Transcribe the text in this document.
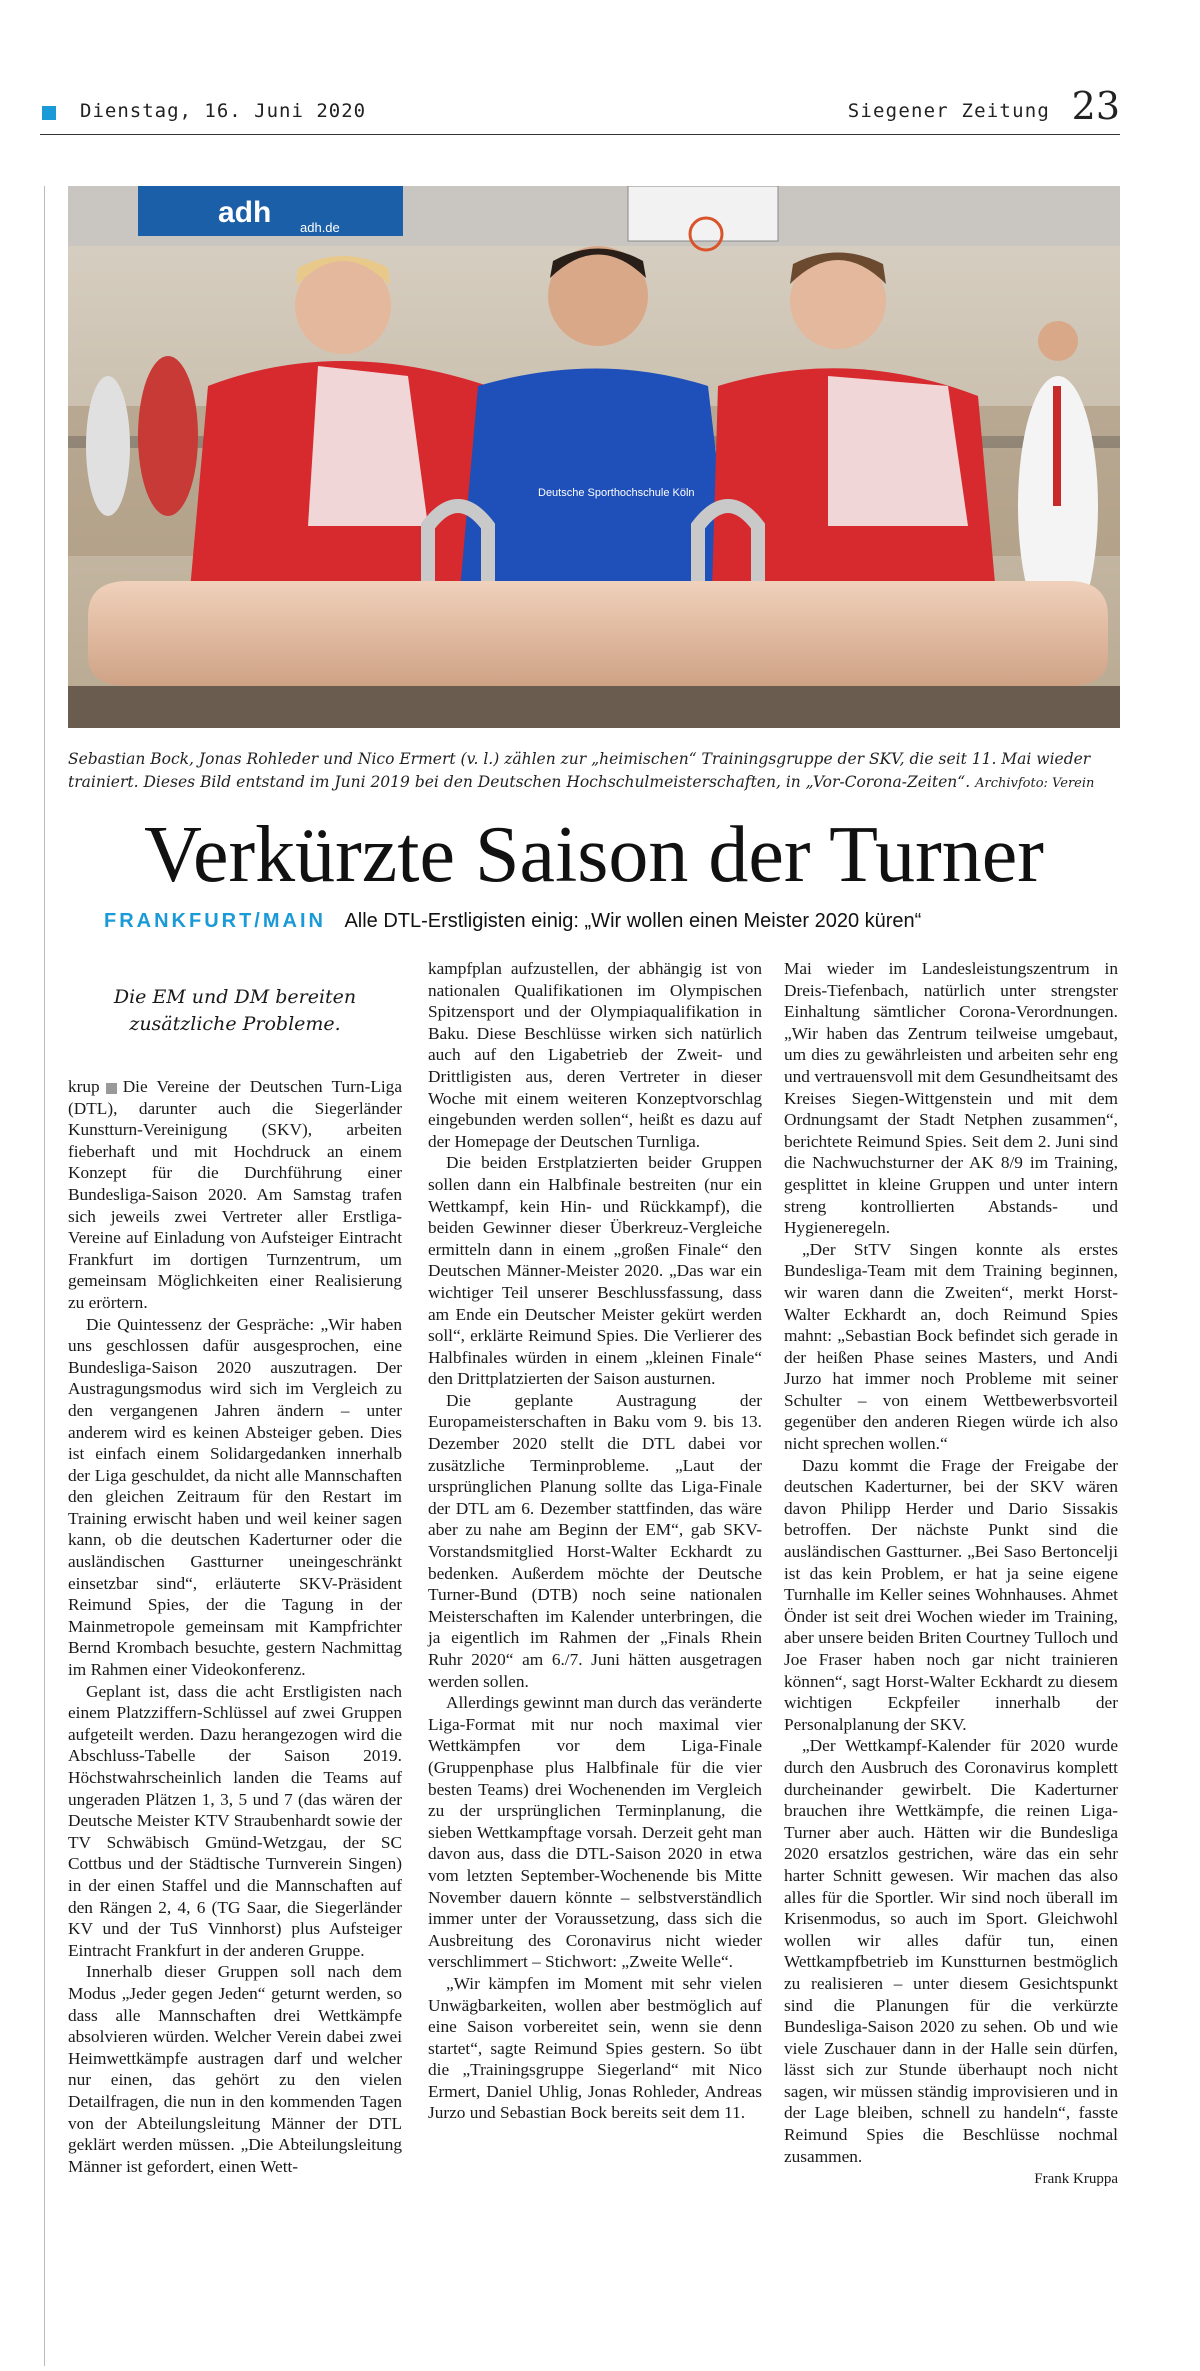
Dienstag, 16. Juni 2020	Siegener Zeitung 23
adh adh.de
Deutsche Sporthochschule Köln
Sebastian Bock, Jonas Rohleder und Nico Ermert (v. l.) zählen zur „heimischen“ Trainingsgruppe der SKV, die seit 11. Mai wieder trainiert. Dieses Bild entstand im Juni 2019 bei den Deutschen Hochschulmeisterschaften, in „Vor-Corona-Zeiten“. Archivfoto: Verein
Verkürzte Saison der Turner
FRANKFURT/MAIN Alle DTL-Erstligisten einig: „Wir wollen einen Meister 2020 küren“
Die EM und DM bereiten
zusätzliche Probleme.

krup Die Vereine der Deutschen Turn-Liga (DTL), darunter auch die Siegerländer Kunstturn-Vereinigung (SKV), arbeiten fieberhaft und mit Hochdruck an einem Konzept für die Durchführung einer Bundesliga-Saison 2020. Am Samstag trafen sich jeweils zwei Vertreter aller Erstliga-Vereine auf Einladung von Aufsteiger Eintracht Frankfurt im dortigen Turnzentrum, um gemeinsam Möglichkeiten einer Realisierung zu erörtern.

Die Quintessenz der Gespräche: „Wir haben uns geschlossen dafür ausgesprochen, eine Bundesliga-Saison 2020 auszutragen. Der Austragungsmodus wird sich im Vergleich zu den vergangenen Jahren ändern – unter anderem wird es keinen Absteiger geben. Dies ist einfach einem Solidargedanken innerhalb der Liga geschuldet, da nicht alle Mannschaften den gleichen Zeitraum für den Restart im Training erwischt haben und weil keiner sagen kann, ob die deutschen Kaderturner oder die ausländischen Gastturner uneingeschränkt einsetzbar sind“, erläuterte SKV-Präsident Reimund Spies, der die Tagung in der Mainmetropole gemeinsam mit Kampfrichter Bernd Krombach besuchte, gestern Nachmittag im Rahmen einer Videokonferenz.

Geplant ist, dass die acht Erstligisten nach einem Platzziffern-Schlüssel auf zwei Gruppen aufgeteilt werden. Dazu herangezogen wird die Abschluss-Tabelle der Saison 2019. Höchstwahrscheinlich landen die Teams auf ungeraden Plätzen 1, 3, 5 und 7 (das wären der Deutsche Meister KTV Straubenhardt sowie der TV Schwäbisch Gmünd-Wetzgau, der SC Cottbus und der Städtische Turnverein Singen) in der einen Staffel und die Mannschaften auf den Rängen 2, 4, 6 (TG Saar, die Siegerländer KV und der TuS Vinnhorst) plus Aufsteiger Eintracht Frankfurt in der anderen Gruppe.

Innerhalb dieser Gruppen soll nach dem Modus „Jeder gegen Jeden“ geturnt werden, so dass alle Mannschaften drei Wettkämpfe absolvieren würden. Welcher Verein dabei zwei Heimwettkämpfe austragen darf und welcher nur einen, das gehört zu den vielen Detailfragen, die nun in den kommenden Tagen von der Abteilungsleitung Männer der DTL geklärt werden müssen. „Die Abteilungsleitung Männer ist gefordert, einen Wett-

kampfplan aufzustellen, der abhängig ist von nationalen Qualifikationen im Olympischen Spitzensport und der Olympiaqualifikation in Baku. Diese Beschlüsse wirken sich natürlich auch auf den Ligabetrieb der Zweit- und Drittligisten aus, deren Vertreter in dieser Woche mit einem weiteren Konzeptvorschlag eingebunden werden sollen“, heißt es dazu auf der Homepage der Deutschen Turnliga.

Die beiden Erstplatzierten beider Gruppen sollen dann ein Halbfinale bestreiten (nur ein Wettkampf, kein Hin- und Rückkampf), die beiden Gewinner dieser Überkreuz-Vergleiche ermitteln dann in einem „großen Finale“ den Deutschen Männer-Meister 2020. „Das war ein wichtiger Teil unserer Beschlussfassung, dass am Ende ein Deutscher Meister gekürt werden soll“, erklärte Reimund Spies. Die Verlierer des Halbfinales würden in einem „kleinen Finale“ den Drittplatzierten der Saison austurnen.

Die geplante Austragung der Europameisterschaften in Baku vom 9. bis 13. Dezember 2020 stellt die DTL dabei vor zusätzliche Terminprobleme. „Laut der ursprünglichen Planung sollte das Liga-Finale der DTL am 6. Dezember stattfinden, das wäre aber zu nahe am Beginn der EM“, gab SKV-Vorstandsmitglied Horst-Walter Eckhardt zu bedenken. Außerdem möchte der Deutsche Turner-Bund (DTB) noch seine nationalen Meisterschaften im Kalender unterbringen, die ja eigentlich im Rahmen der „Finals Rhein Ruhr 2020“ am 6./7. Juni hätten ausgetragen werden sollen.

Allerdings gewinnt man durch das veränderte Liga-Format mit nur noch maximal vier Wettkämpfen vor dem Liga-Finale (Gruppenphase plus Halbfinale für die vier besten Teams) drei Wochenenden im Vergleich zu der ursprünglichen Terminplanung, die sieben Wettkampftage vorsah. Derzeit geht man davon aus, dass die DTL-Saison 2020 in etwa vom letzten September-Wochenende bis Mitte November dauern könnte – selbstverständlich immer unter der Voraussetzung, dass sich die Ausbreitung des Coronavirus nicht wieder verschlimmert – Stichwort: „Zweite Welle“.

„Wir kämpfen im Moment mit sehr vielen Unwägbarkeiten, wollen aber bestmöglich auf eine Saison vorbereitet sein, wenn sie denn startet“, sagte Reimund Spies gestern. So übt die „Trainingsgruppe Siegerland“ mit Nico Ermert, Daniel Uhlig, Jonas Rohleder, Andreas Jurzo und Sebastian Bock bereits seit dem 11.

Mai wieder im Landesleistungszentrum in Dreis-Tiefenbach, natürlich unter strengster Einhaltung sämtlicher Corona-Verordnungen. „Wir haben das Zentrum teilweise umgebaut, um dies zu gewährleisten und arbeiten sehr eng und vertrauensvoll mit dem Gesundheitsamt des Kreises Siegen-Wittgenstein und mit dem Ordnungsamt der Stadt Netphen zusammen“, berichtete Reimund Spies. Seit dem 2. Juni sind die Nachwuchsturner der AK 8/9 im Training, gesplittet in kleine Gruppen und unter intern streng kontrollierten Abstands- und Hygieneregeln.

„Der StTV Singen konnte als erstes Bundesliga-Team mit dem Training beginnen, wir waren dann die Zweiten“, merkt Horst-Walter Eckhardt an, doch Reimund Spies mahnt: „Sebastian Bock befindet sich gerade in der heißen Phase seines Masters, und Andi Jurzo hat immer noch Probleme mit seiner Schulter – von einem Wettbewerbsvorteil gegenüber den anderen Riegen würde ich also nicht sprechen wollen.“

Dazu kommt die Frage der Freigabe der deutschen Kaderturner, bei der SKV wären davon Philipp Herder und Dario Sissakis betroffen. Der nächste Punkt sind die ausländischen Gastturner. „Bei Saso Bertoncelji ist das kein Problem, er hat ja seine eigene Turnhalle im Keller seines Wohnhauses. Ahmet Önder ist seit drei Wochen wieder im Training, aber unsere beiden Briten Courtney Tulloch und Joe Fraser haben noch gar nicht trainieren können“, sagt Horst-Walter Eckhardt zu diesem wichtigen Eckpfeiler innerhalb der Personalplanung der SKV.

„Der Wettkampf-Kalender für 2020 wurde durch den Ausbruch des Coronavirus komplett durcheinander gewirbelt. Die Kaderturner brauchen ihre Wettkämpfe, die reinen Liga-Turner aber auch. Hätten wir die Bundesliga 2020 ersatzlos gestrichen, wäre das ein sehr harter Schnitt gewesen. Wir machen das also alles für die Sportler. Wir sind noch überall im Krisenmodus, so auch im Sport. Gleichwohl wollen wir alles dafür tun, einen Wettkampfbetrieb im Kunstturnen bestmöglich zu realisieren – unter diesem Gesichtspunkt sind die Planungen für die verkürzte Bundesliga-Saison 2020 zu sehen. Ob und wie viele Zuschauer dann in der Halle sein dürfen, lässt sich zur Stunde überhaupt noch nicht sagen, wir müssen ständig improvisieren und in der Lage bleiben, schnell zu handeln“, fasste Reimund Spies die Beschlüsse nochmal zusammen.

Frank Kruppa
